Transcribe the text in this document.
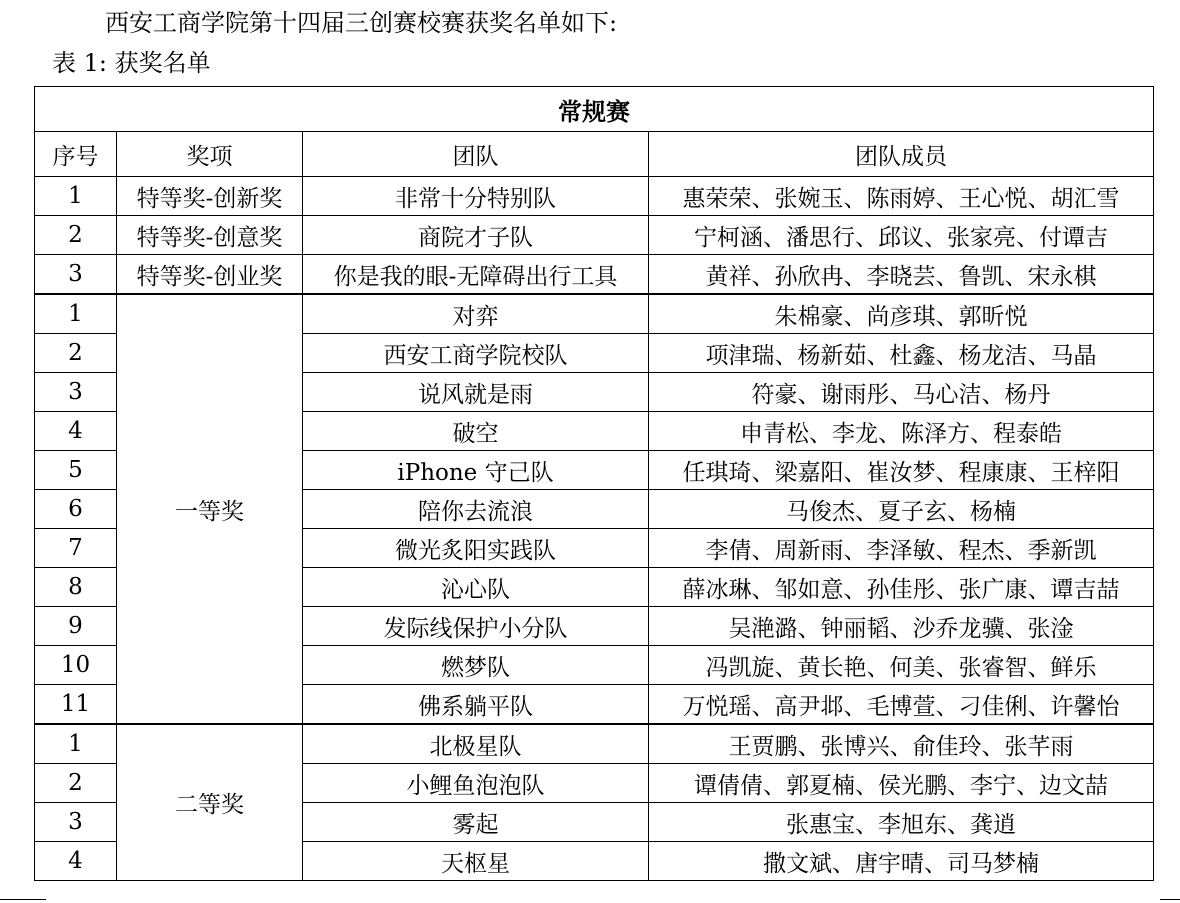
西安工商学院第十四届三创赛校赛获奖名单如下:
表 1: 获奖名单
常规赛			
序号	奖项	团队	团队成员
1	特等奖-创新奖	非常十分特别队	惠荣荣、张婉玉、陈雨婷、王心悦、胡汇雪
2	特等奖-创意奖	商院才子队	宁柯涵、潘思行、邱议、张家亮、付谭吉
3	特等奖-创业奖	你是我的眼-无障碍出行工具	黄祥、孙欣冉、李晓芸、鲁凯、宋永棋
1	一等奖	对弈	朱棉豪、尚彦琪、郭昕悦
2		西安工商学院校队	项津瑞、杨新茹、杜鑫、杨龙洁、马晶
3		说风就是雨	符豪、谢雨彤、马心洁、杨丹
4		破空	申青松、李龙、陈泽方、程泰皓
5		iPhone 守己队	任琪琦、梁嘉阳、崔汝梦、程康康、王梓阳
6		陪你去流浪	马俊杰、夏子玄、杨楠
7		微光炙阳实践队	李倩、周新雨、李泽敏、程杰、季新凯
8		沁心队	薛冰琳、邹如意、孙佳彤、张广康、谭吉喆
9		发际线保护小分队	吴滟潞、钟丽韬、沙乔龙骥、张淦
10		燃梦队	冯凯旋、黄长艳、何美、张睿智、鲜乐
11		佛系躺平队	万悦瑶、高尹邶、毛博萱、刁佳俐、许馨怡
1	二等奖	北极星队	王贾鹏、张博兴、俞佳玲、张芊雨
2		小鲤鱼泡泡队	谭倩倩、郭夏楠、侯光鹏、李宁、边文喆
3		雾起	张惠宝、李旭东、龚逍
4		天枢星	撒文斌、唐宇晴、司马梦楠
